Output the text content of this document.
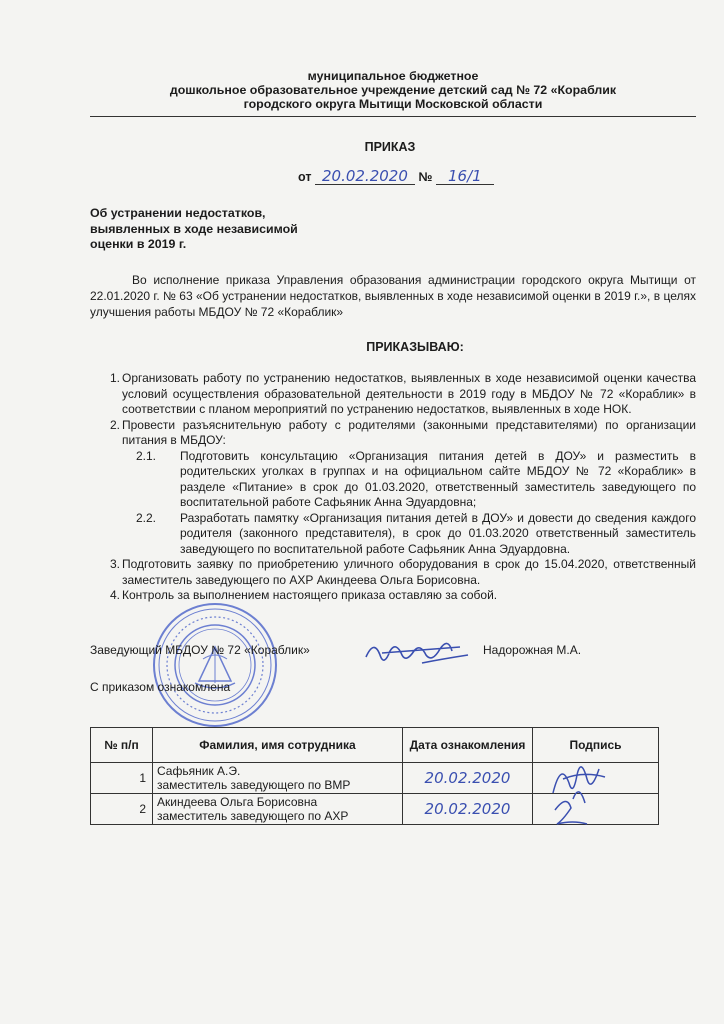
муниципальное бюджетное
дошкольное образовательное учреждение детский сад № 72 «Кораблик
городского округа Мытищи Московской области
ПРИКАЗ
от 20.02.2020 № 16/1
Об устранении недостатков,
выявленных в ходе независимой
оценки в 2019 г.
Во исполнение приказа Управления образования администрации городского округа Мытищи от 22.01.2020 г. № 63 «Об устранении недостатков, выявленных в ходе независимой оценки в 2019 г.», в целях улучшения работы МБДОУ № 72 «Кораблик»
ПРИКАЗЫВАЮ:
1. Организовать работу по устранению недостатков, выявленных в ходе независимой оценки качества условий осуществления образовательной деятельности в 2019 году в МБДОУ № 72 «Кораблик» в соответствии с планом мероприятий по устранению недостатков, выявленных в ходе НОК.
2. Провести разъяснительную работу с родителями (законными представителями) по организации питания в МБДОУ:
2.1. Подготовить консультацию «Организация питания детей в ДОУ» и разместить в родительских уголках в группах и на официальном сайте МБДОУ № 72 «Кораблик» в разделе «Питание» в срок до 01.03.2020, ответственный заместитель заведующего по воспитательной работе Сафьяник Анна Эдуардовна;
2.2. Разработать памятку «Организация питания детей в ДОУ» и довести до сведения каждого родителя (законного представителя), в срок до 01.03.2020 ответственный заместитель заведующего по воспитательной работе Сафьяник Анна Эдуардовна.
3. Подготовить заявку по приобретению уличного оборудования в срок до 15.04.2020, ответственный заместитель заведующего по АХР Акиндеева Ольга Борисовна.
4. Контроль за выполнением настоящего приказа оставляю за собой.
Заведующий МБДОУ № 72 «Кораблик»	Надорожная М.А.
С приказом ознакомлена
№ п/п	Фамилия, имя сотрудника	Дата ознакомления	Подпись
1	Сафьяник А.Э.
заместитель заведующего по ВМР	20.02.2020	

2	Акиндеева Ольга Борисовна
заместитель заведующего по АХР	20.02.2020	
